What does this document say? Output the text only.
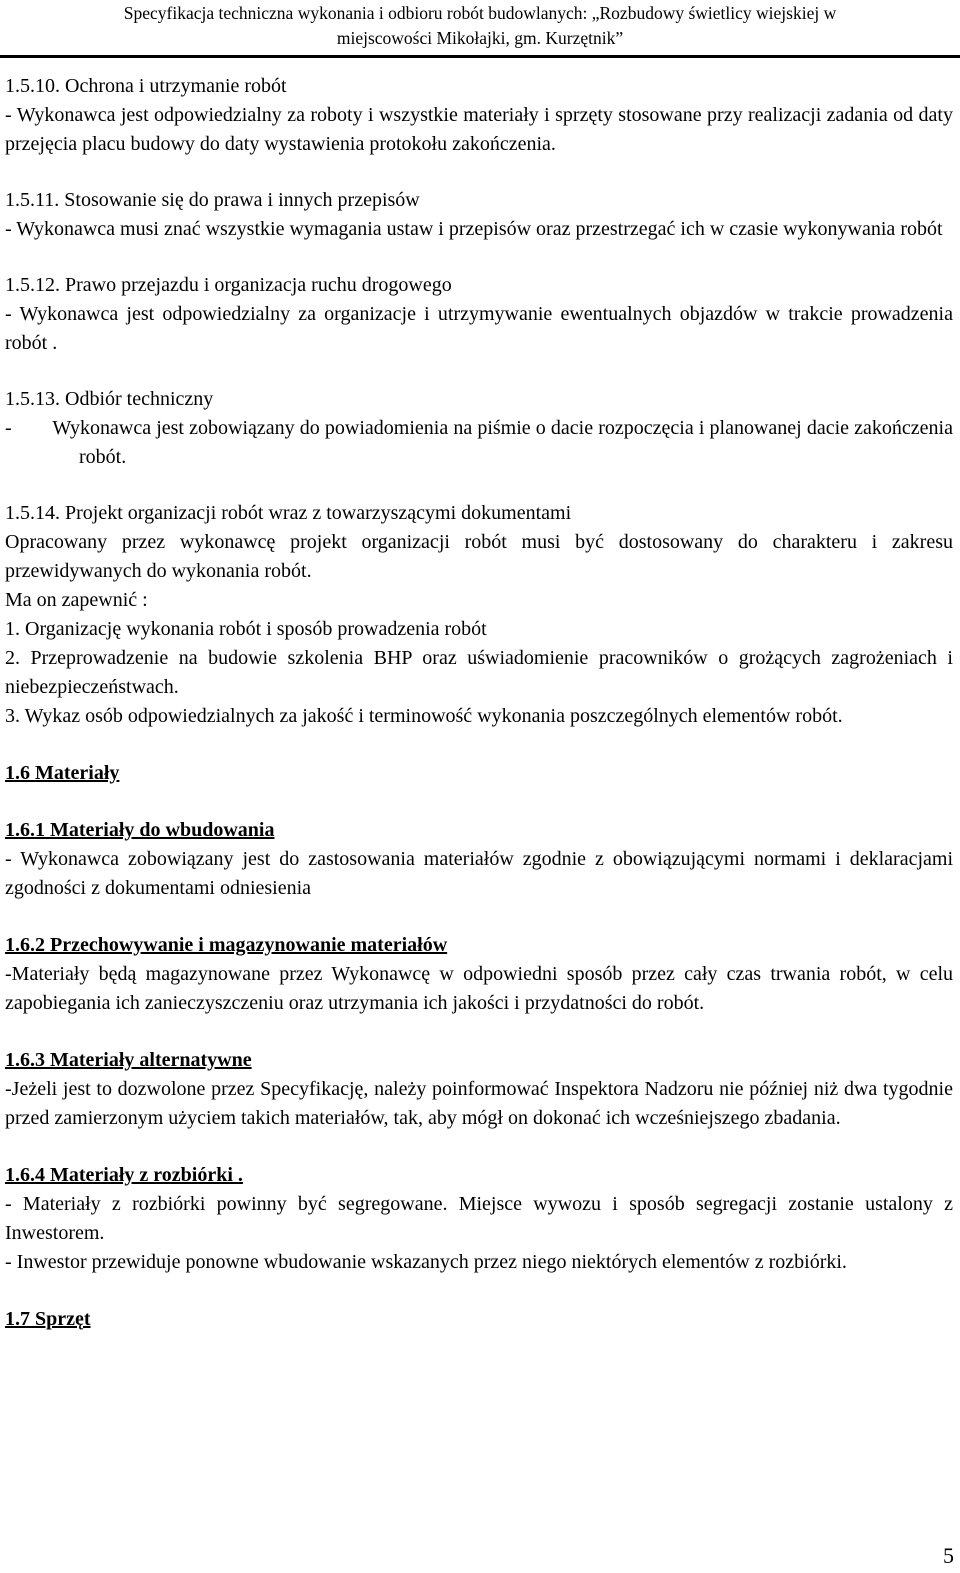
Specyfikacja techniczna wykonania i odbioru robót budowlanych: „Rozbudowy świetlicy wiejskiej w
miejscowości Mikołajki, gm. Kurzętnik”

1.5.10. Ochrona i utrzymanie robót

- Wykonawca jest odpowiedzialny za roboty i wszystkie materiały i sprzęty stosowane przy realizacji zadania od daty przejęcia placu budowy do daty wystawienia protokołu zakończenia.

1.5.11. Stosowanie się do prawa i innych przepisów

- Wykonawca musi znać wszystkie wymagania ustaw i przepisów oraz przestrzegać ich w czasie wykonywania robót

1.5.12. Prawo przejazdu i organizacja ruchu drogowego

- Wykonawca jest odpowiedzialny za organizacje i utrzymywanie ewentualnych objazdów w trakcie prowadzenia robót .

1.5.13. Odbiór techniczny

-        Wykonawca jest zobowiązany do powiadomienia na piśmie o dacie rozpoczęcia i planowanej dacie zakończenia robót.

1.5.14. Projekt organizacji robót wraz z towarzyszącymi dokumentami

Opracowany przez wykonawcę projekt organizacji robót musi być dostosowany do charakteru i zakresu przewidywanych do wykonania robót.

Ma on zapewnić :

1. Organizację wykonania robót i sposób prowadzenia robót

2. Przeprowadzenie na budowie szkolenia BHP oraz uświadomienie pracowników o grożących zagrożeniach i niebezpieczeństwach.

3. Wykaz osób odpowiedzialnych za jakość i terminowość wykonania poszczególnych elementów robót.

1.6 Materiały

1.6.1 Materiały do wbudowania

- Wykonawca zobowiązany jest do zastosowania materiałów zgodnie z obowiązującymi normami i deklaracjami zgodności z dokumentami odniesienia

1.6.2 Przechowywanie i magazynowanie materiałów

-Materiały będą magazynowane przez Wykonawcę w odpowiedni sposób przez cały czas trwania robót, w celu zapobiegania ich zanieczyszczeniu oraz utrzymania ich jakości i przydatności do robót.

1.6.3 Materiały alternatywne

-Jeżeli jest to dozwolone przez Specyfikację, należy poinformować Inspektora Nadzoru nie później niż dwa tygodnie przed zamierzonym użyciem takich materiałów, tak, aby mógł on dokonać ich wcześniejszego zbadania.

1.6.4 Materiały z rozbiórki .

- Materiały z rozbiórki powinny być segregowane. Miejsce wywozu i sposób segregacji zostanie ustalony z Inwestorem.

- Inwestor przewiduje ponowne wbudowanie wskazanych przez niego niektórych elementów z rozbiórki.

1.7 Sprzęt

5
